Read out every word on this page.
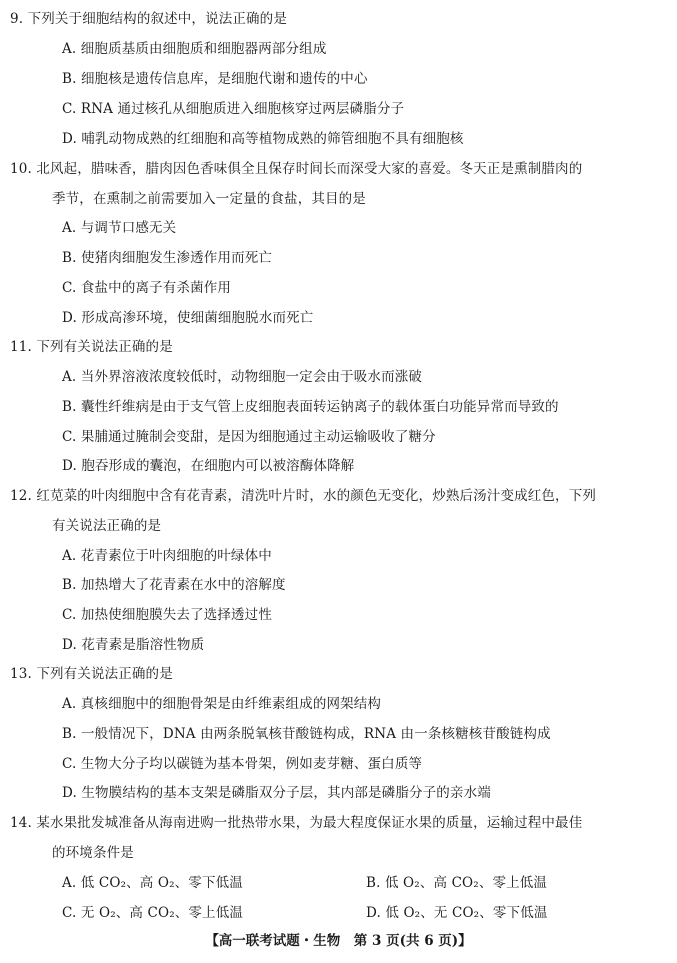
9. 下列关于细胞结构的叙述中，说法正确的是
A. 细胞质基质由细胞质和细胞器两部分组成
B. 细胞核是遗传信息库，是细胞代谢和遗传的中心
C. RNA 通过核孔从细胞质进入细胞核穿过两层磷脂分子
D. 哺乳动物成熟的红细胞和高等植物成熟的筛管细胞不具有细胞核
10. 北风起，腊味香，腊肉因色香味俱全且保存时间长而深受大家的喜爱。冬天正是熏制腊肉的
季节，在熏制之前需要加入一定量的食盐，其目的是
A. 与调节口感无关
B. 使猪肉细胞发生渗透作用而死亡
C. 食盐中的离子有杀菌作用
D. 形成高渗环境，使细菌细胞脱水而死亡
11. 下列有关说法正确的是
A. 当外界溶液浓度较低时，动物细胞一定会由于吸水而涨破
B. 囊性纤维病是由于支气管上皮细胞表面转运钠离子的载体蛋白功能异常而导致的
C. 果脯通过腌制会变甜，是因为细胞通过主动运输吸收了糖分
D. 胞吞形成的囊泡，在细胞内可以被溶酶体降解
12. 红苋菜的叶肉细胞中含有花青素，清洗叶片时，水的颜色无变化，炒熟后汤汁变成红色，下列
有关说法正确的是
A. 花青素位于叶肉细胞的叶绿体中
B. 加热增大了花青素在水中的溶解度
C. 加热使细胞膜失去了选择透过性
D. 花青素是脂溶性物质
13. 下列有关说法正确的是
A. 真核细胞中的细胞骨架是由纤维素组成的网架结构
B. 一般情况下，DNA 由两条脱氧核苷酸链构成，RNA 由一条核糖核苷酸链构成
C. 生物大分子均以碳链为基本骨架，例如麦芽糖、蛋白质等
D. 生物膜结构的基本支架是磷脂双分子层，其内部是磷脂分子的亲水端
14. 某水果批发城准备从海南进购一批热带水果，为最大程度保证水果的质量，运输过程中最佳
的环境条件是
A. 低 CO₂、高 O₂、零下低温	B. 低 O₂、高 CO₂、零上低温
C. 无 O₂、高 CO₂、零上低温	D. 低 O₂、无 CO₂、零下低温
【高一联考试题・生物　第 3 页(共 6 页)】
